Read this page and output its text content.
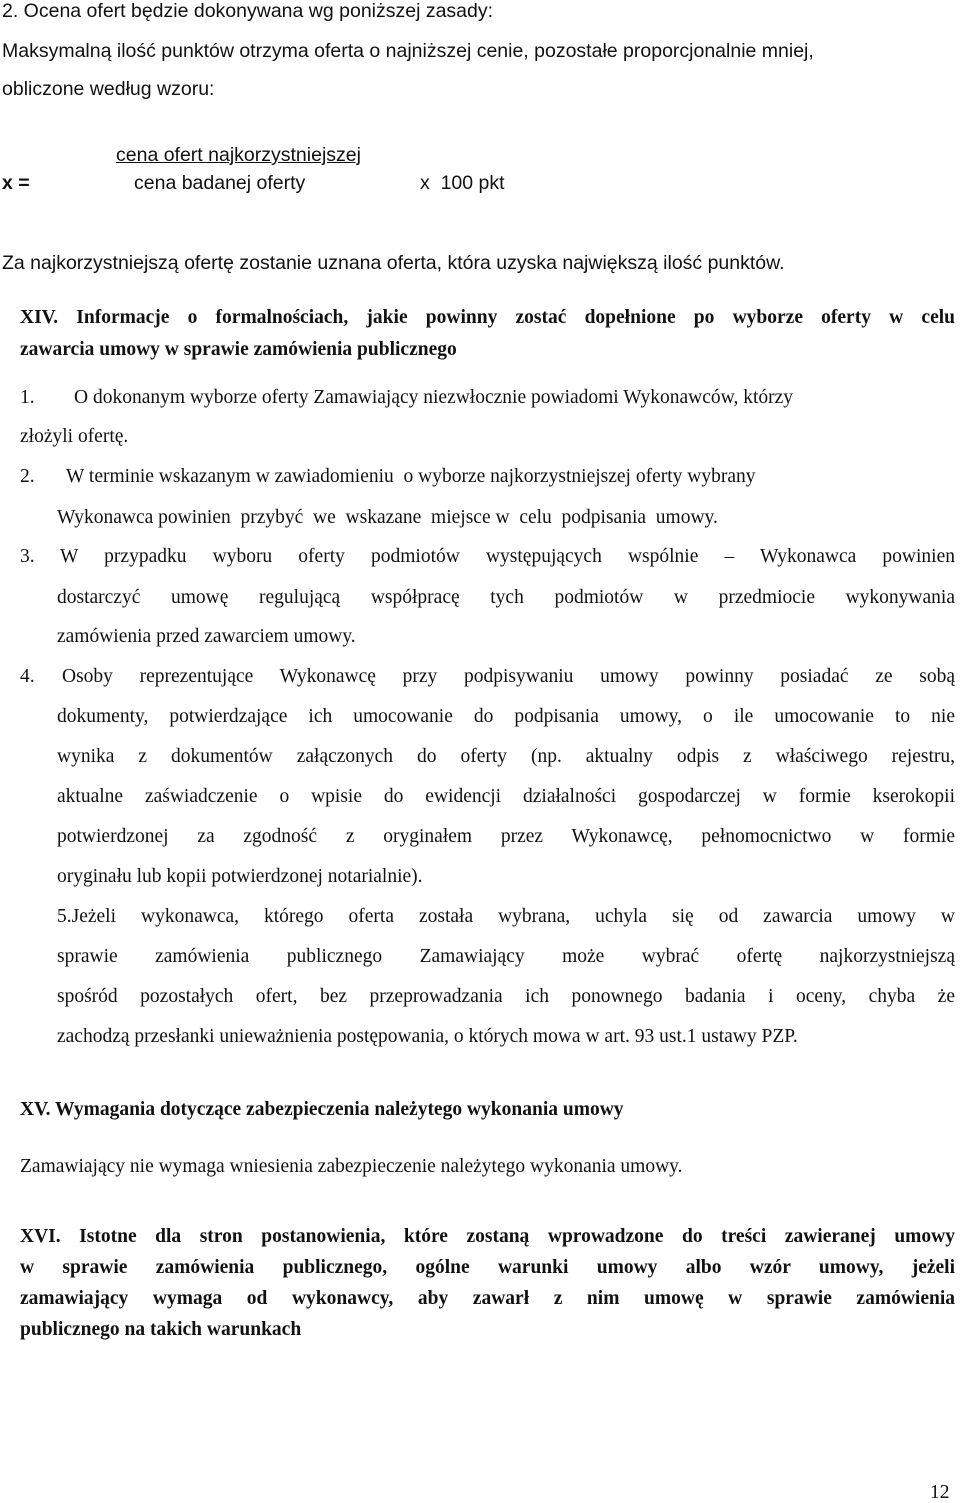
2. Ocena ofert będzie dokonywana wg poniższej zasady:
Maksymalną ilość punktów otrzyma oferta o najniższej cenie, pozostałe proporcjonalnie mniej,
obliczone według wzoru:
cena ofert najkorzystniejszej
x =	cena badanej oferty	x  100 pkt
Za najkorzystniejszą ofertę zostanie uznana oferta, która uzyska największą ilość punktów.
XIV. Informacje o formalnościach, jakie powinny zostać dopełnione po wyborze oferty w celu
zawarcia umowy w sprawie zamówienia publicznego
1. O dokonanym wyborze oferty Zamawiający niezwłocznie powiadomi Wykonawców, którzy
złożyli ofertę.
2. W terminie wskazanym w zawiadomieniu  o wyborze najkorzystniejszej oferty wybrany
Wykonawca powinien  przybyć  we  wskazane  miejsce w  celu  podpisania  umowy.
3. W przypadku wyboru oferty podmiotów występujących wspólnie – Wykonawca powinien
dostarczyć umowę regulującą współpracę tych podmiotów w przedmiocie wykonywania
zamówienia przed zawarciem umowy.
4. Osoby reprezentujące Wykonawcę przy podpisywaniu umowy powinny posiadać ze sobą
dokumenty, potwierdzające ich umocowanie do podpisania umowy, o ile umocowanie to nie
wynika z dokumentów załączonych do oferty (np. aktualny odpis z właściwego rejestru,
aktualne zaświadczenie o wpisie do ewidencji działalności gospodarczej w formie kserokopii
potwierdzonej za zgodność z oryginałem przez Wykonawcę, pełnomocnictwo w formie
oryginału lub kopii potwierdzonej notarialnie).
5.Jeżeli wykonawca, którego oferta została wybrana, uchyla się od zawarcia umowy w
sprawie zamówienia publicznego Zamawiający może wybrać ofertę najkorzystniejszą
spośród pozostałych ofert, bez przeprowadzania ich ponownego badania i oceny, chyba że
zachodzą przesłanki unieważnienia postępowania, o których mowa w art. 93 ust.1 ustawy PZP.
XV. Wymagania dotyczące zabezpieczenia należytego wykonania umowy
Zamawiający nie wymaga wniesienia zabezpieczenie należytego wykonania umowy.
XVI. Istotne dla stron postanowienia, które zostaną wprowadzone do treści zawieranej umowy
w sprawie zamówienia publicznego, ogólne warunki umowy albo wzór umowy, jeżeli
zamawiający wymaga od wykonawcy, aby zawarł z nim umowę w sprawie zamówienia
publicznego na takich warunkach
12
